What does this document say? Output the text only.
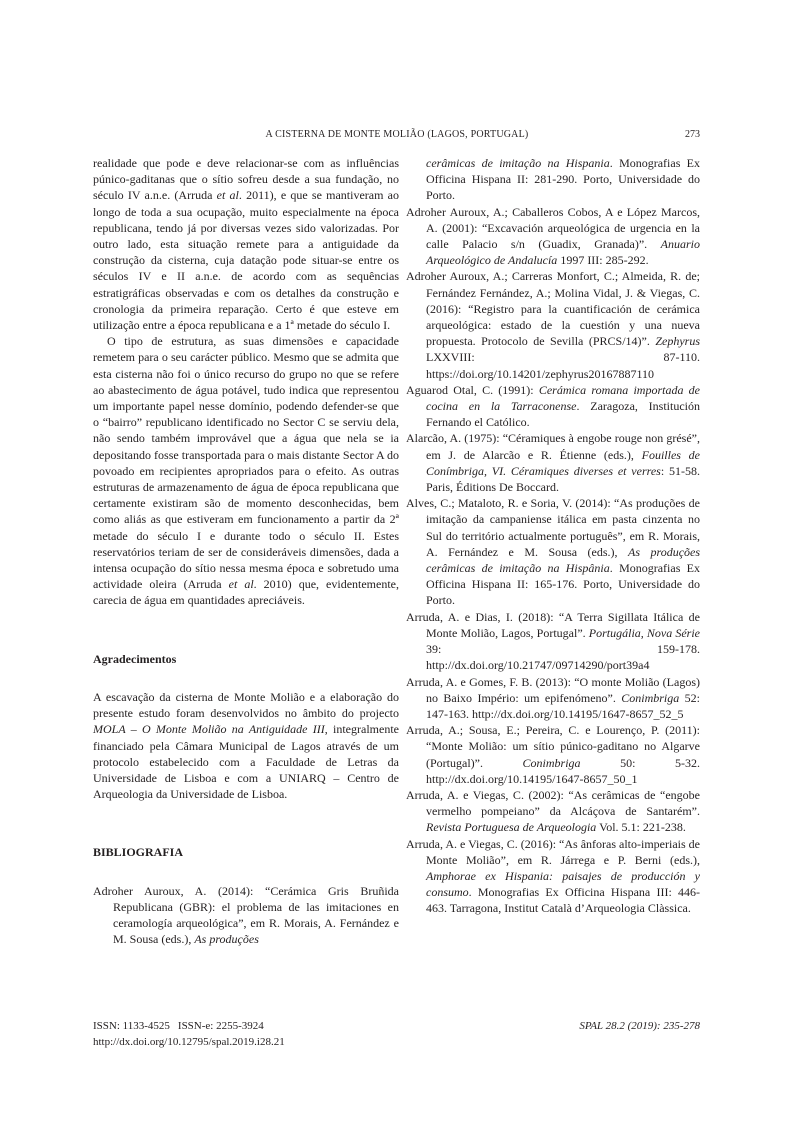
A CISTERNA DE MONTE MOLIÃO (LAGOS, PORTUGAL)	273

realidade que pode e deve relacionar-se com as influências púnico-gaditanas que o sítio sofreu desde a sua fundação, no século IV a.n.e. (Arruda et al. 2011), e que se mantiveram ao longo de toda a sua ocupação, muito especialmente na época republicana, tendo já por diversas vezes sido valorizadas. Por outro lado, esta situação remete para a antiguidade da construção da cisterna, cuja datação pode situar-se entre os séculos IV e II a.n.e. de acordo com as sequências estratigráficas observadas e com os detalhes da construção e cronologia da primeira reparação. Certo é que esteve em utilização entre a época republicana e a 1ª metade do século I.

O tipo de estrutura, as suas dimensões e capacidade remetem para o seu carácter público. Mesmo que se admita que esta cisterna não foi o único recurso do grupo no que se refere ao abastecimento de água potável, tudo indica que representou um importante papel nesse domínio, podendo defender-se que o “bairro” republicano identificado no Sector C se serviu dela, não sendo também improvável que a água que nela se ia depositando fosse transportada para o mais distante Sector A do povoado em recipientes apropriados para o efeito. As outras estruturas de armazenamento de água de época republicana que certamente existiram são de momento desconhecidas, bem como aliás as que estiveram em funcionamento a partir da 2ª metade do século I e durante todo o século II. Estes reservatórios teriam de ser de consideráveis dimensões, dada a intensa ocupação do sítio nessa mesma época e sobretudo uma actividade oleira (Arruda et al. 2010) que, evidentemente, carecia de água em quantidades apreciáveis.

Agradecimentos

A escavação da cisterna de Monte Molião e a elaboração do presente estudo foram desenvolvidos no âmbito do projecto MOLA – O Monte Molião na Antiguidade III, integralmente financiado pela Câmara Municipal de Lagos através de um protocolo estabelecido com a Faculdade de Letras da Universidade de Lisboa e com a UNIARQ – Centro de Arqueologia da Universidade de Lisboa.

BIBLIOGRAFIA

Adroher Auroux, A. (2014): “Cerámica Gris Bruñida Republicana (GBR): el problema de las imitaciones en ceramología arqueológica”, em R. Morais, A. Fernández e M. Sousa (eds.), As produções

cerâmicas de imitação na Hispania. Monografias Ex Officina Hispana II: 281-290. Porto, Universidade do Porto.

Adroher Auroux, A.; Caballeros Cobos, A e López Marcos, A. (2001): “Excavación arqueológica de urgencia en la calle Palacio s/n (Guadix, Granada)”. Anuario Arqueológico de Andalucía 1997 III: 285-292.

Adroher Auroux, A.; Carreras Monfort, C.; Almeida, R. de; Fernández Fernández, A.; Molina Vidal, J. & Viegas, C. (2016): “Registro para la cuantificación de cerámica arqueológica: estado de la cuestión y una nueva propuesta. Protocolo de Sevilla (PRCS/14)”. Zephyrus LXXVIII: 87-110. https://doi.org/10.14201/zephyrus20167887110

Aguarod Otal, C. (1991): Cerámica romana importada de cocina en la Tarraconense. Zaragoza, Institución Fernando el Católico.

Alarcão, A. (1975): “Céramiques à engobe rouge non grésé”, em J. de Alarcão e R. Étienne (eds.), Fouilles de Conímbriga, VI. Céramiques diverses et verres: 51-58. Paris, Éditions De Boccard.

Alves, C.; Mataloto, R. e Soria, V. (2014): “As produções de imitação da campaniense itálica em pasta cinzenta no Sul do território actualmente português”, em R. Morais, A. Fernández e M. Sousa (eds.), As produções cerâmicas de imitação na Hispânia. Monografias Ex Officina Hispana II: 165-176. Porto, Universidade do Porto.

Arruda, A. e Dias, I. (2018): “A Terra Sigillata Itálica de Monte Molião, Lagos, Portugal”. Portugália, Nova Série 39: 159-178. http://dx.doi.org/10.21747/09714290/port39a4

Arruda, A. e Gomes, F. B. (2013): “O monte Molião (Lagos) no Baixo Império: um epifenómeno”. Conimbriga 52: 147-163. http://dx.doi.org/10.14195/1647-8657_52_5

Arruda, A.; Sousa, E.; Pereira, C. e Lourenço, P. (2011): “Monte Molião: um sítio púnico-gaditano no Algarve (Portugal)”. Conimbriga 50: 5-32. http://dx.doi.org/10.14195/1647-8657_50_1

Arruda, A. e Viegas, C. (2002): “As cerâmicas de “engobe vermelho pompeiano” da Alcáçova de Santarém”. Revista Portuguesa de Arqueologia Vol. 5.1: 221-238.

Arruda, A. e Viegas, C. (2016): “As ânforas alto-imperiais de Monte Molião”, em R. Járrega e P. Berni (eds.), Amphorae ex Hispania: paisajes de producción y consumo. Monografias Ex Officina Hispana III: 446-463. Tarragona, Institut Català d’Arqueologia Clàssica.

ISSN: 1133-4525 ISSN-e: 2255-3924
http://dx.doi.org/10.12795/spal.2019.i28.21
SPAL 28.2 (2019): 235-278
